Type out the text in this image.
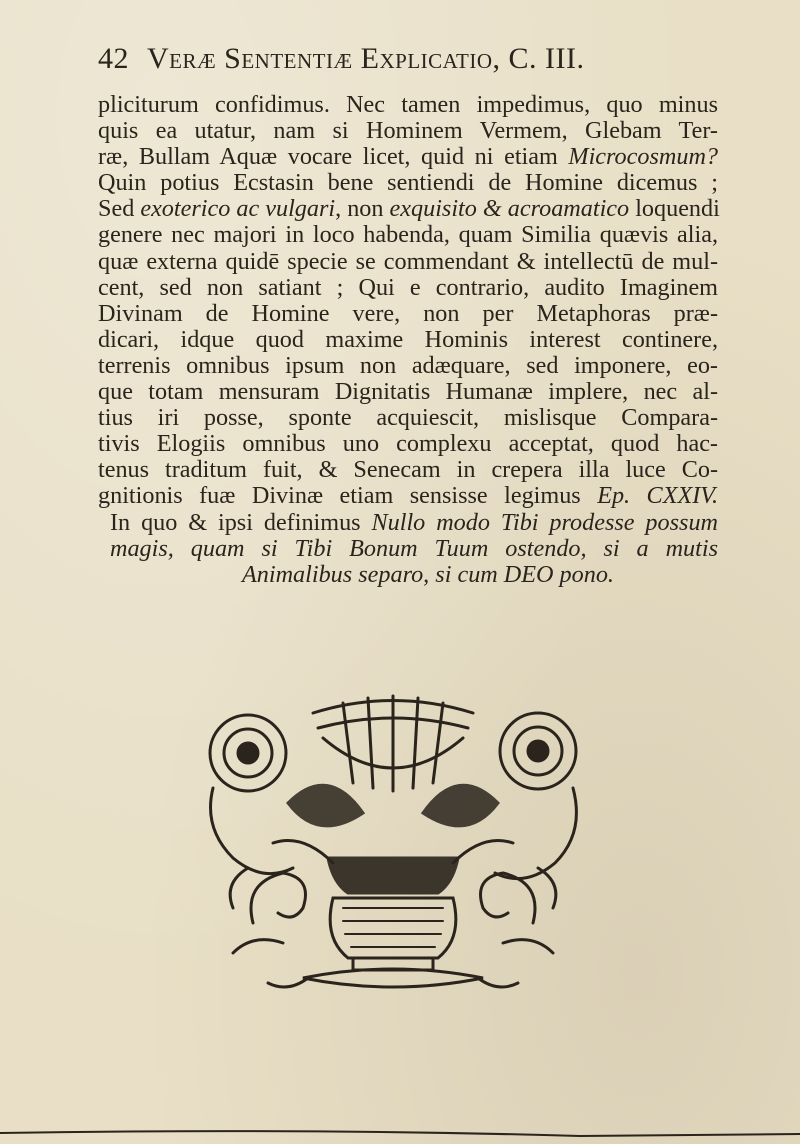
42 Veræ Sententiæ Explicatio, C. III.
pliciturum confidimus. Nec tamen impedimus, quo minus
quis ea utatur, nam si Hominem Vermem, Glebam Ter-
ræ, Bullam Aquæ vocare licet, quid ni etiam Microcosmum?
Quin potius Ecstasin bene sentiendi de Homine dicemus ;
Sed exoterico ac vulgari, non exquisito & acroamatico loquendi
genere nec majori in loco habenda, quam Similia quævis alia,
quæ externa quidē specie se commendant & intellectū de mul-
cent, sed non satiant ; Qui e contrario, audito Imaginem
Divinam de Homine vere, non per Metaphoras præ-
dicari, idque quod maxime Hominis interest continere,
terrenis omnibus ipsum non adæquare, sed imponere, eo-
que totam mensuram Dignitatis Humanæ implere, nec al-
tius iri posse, sponte acquiescit, mislisque Compara-
tivis Elogiis omnibus uno complexu acceptat, quod hac-
tenus traditum fuit, & Senecam in crepera illa luce Co-
gnitionis fuæ Divinæ etiam sensisse legimus Ep. CXXIV.
In quo & ipsi definimus Nullo modo Tibi prodesse possum
magis, quam si Tibi Bonum Tuum ostendo, si a mutis
Animalibus separo, si cum DEO pono.
